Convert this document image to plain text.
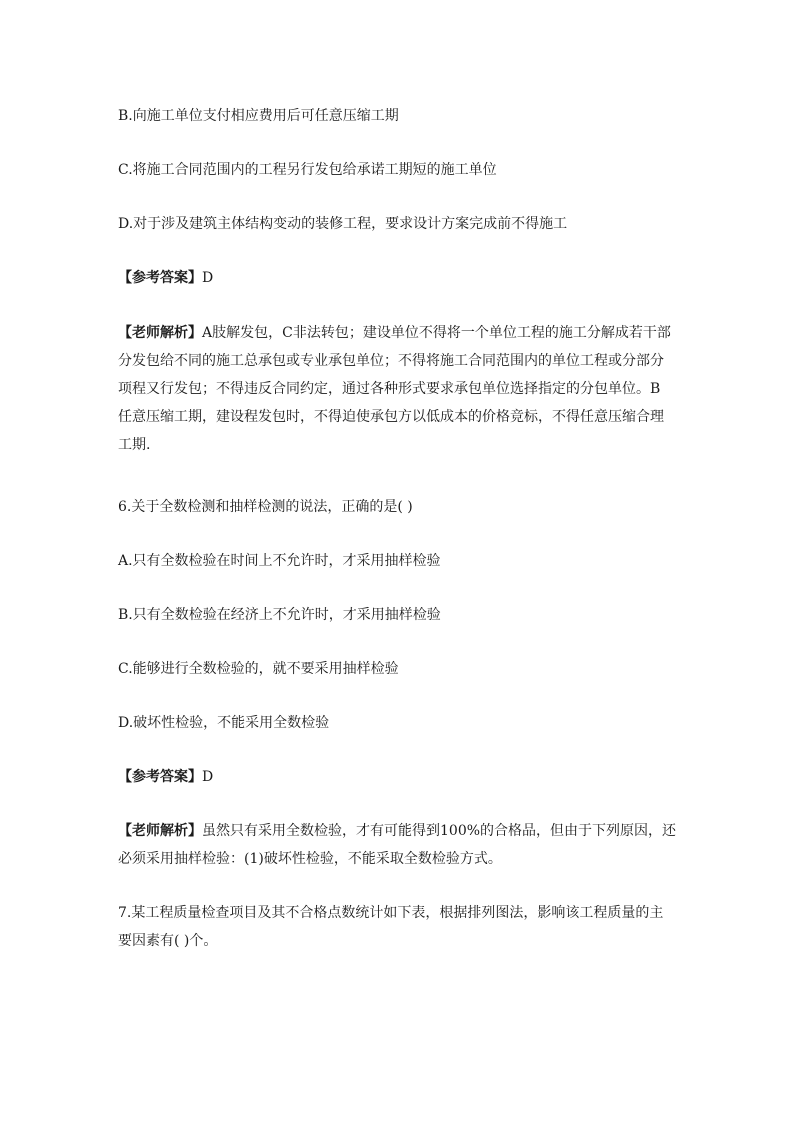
B.向施工单位支付相应费用后可任意压缩工期

C.将施工合同范围内的工程另行发包给承诺工期短的施工单位

D.对于涉及建筑主体结构变动的装修工程，要求设计方案完成前不得施工

【参考答案】D

【老师解析】A肢解发包，C非法转包；建设单位不得将一个单位工程的施工分解成若干部
分发包给不同的施工总承包或专业承包单位；不得将施工合同范围内的单位工程或分部分
项程又行发包；不得违反合同约定，通过各种形式要求承包单位选择指定的分包单位。B
任意压缩工期，建设程发包时，不得迫使承包方以低成本的价格竞标，不得任意压缩合理
工期.

6.关于全数检测和抽样检测的说法，正确的是( )

A.只有全数检验在时间上不允许时，才采用抽样检验

B.只有全数检验在经济上不允许时，才采用抽样检验

C.能够进行全数检验的，就不要采用抽样检验

D.破坏性检验，不能采用全数检验

【参考答案】D

【老师解析】虽然只有采用全数检验，才有可能得到100%的合格品，但由于下列原因，还
必须采用抽样检验：(1)破坏性检验，不能采取全数检验方式。
7.某工程质量检查项目及其不合格点数统计如下表，根据排列图法，影响该工程质量的主
要因素有( )个。
